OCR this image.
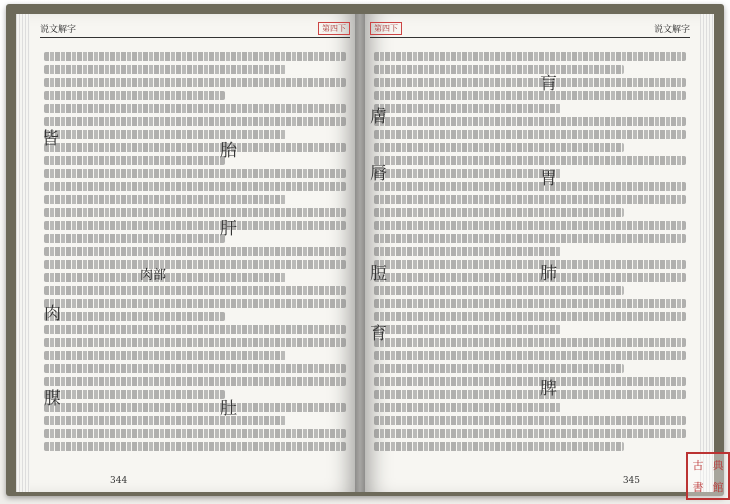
说文解字	第四下
皆
肉
腜
肝
肚
胎
肉部
344
第四下	说文解字
膚
脣
脰
育
肓
胃
肺
脾
345
古 典
書 館
